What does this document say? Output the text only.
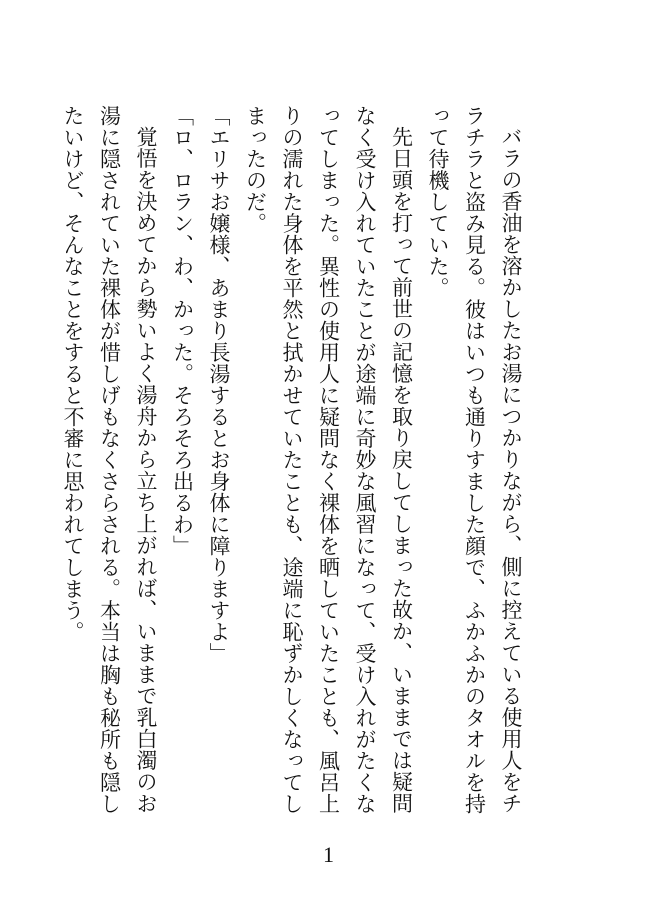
バラの香油を溶かしたお湯につかりながら、側に控えている使用人をチラチラと盗み見る。彼はいつも通りすました顔で、ふかふかのタオルを持って待機していた。

先日頭を打って前世の記憶を取り戻してしまった故か、いままでは疑問なく受け入れていたことが途端に奇妙な風習になって、受け入れがたくなってしまった。異性の使用人に疑問なく裸体を晒していたことも、風呂上りの濡れた身体を平然と拭かせていたことも、途端に恥ずかしくなってしまったのだ。

「エリサお嬢様、あまり長湯するとお身体に障りますよ」

「ロ、ロラン、わ、かった。そろそろ出るわ」

覚悟を決めてから勢いよく湯舟から立ち上がれば、いままで乳白濁のお湯に隠されていた裸体が惜しげもなくさらされる。本当は胸も秘所も隠したいけど、そんなことをすると不審に思われてしまう。

1
